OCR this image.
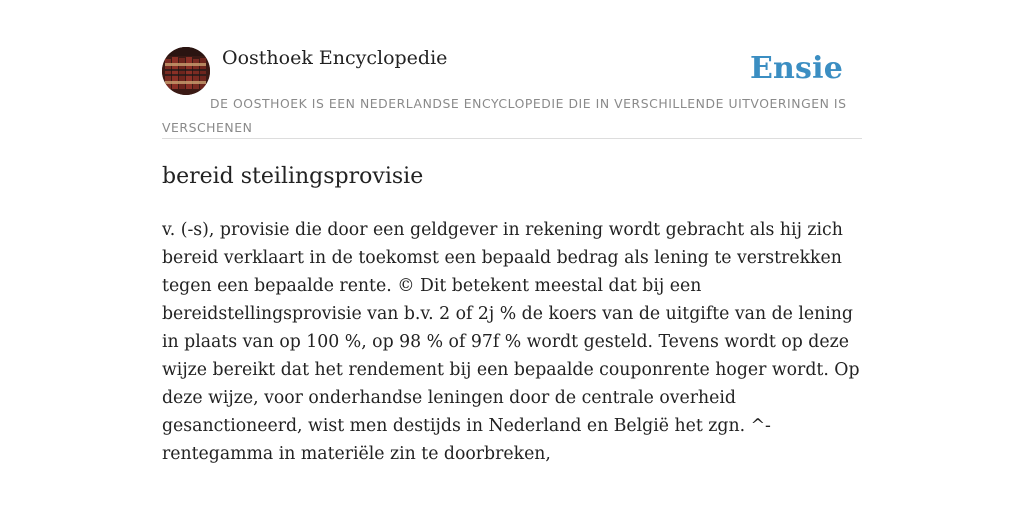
Oosthoek Encyclopedie	Ensie
DE OOSTHOEK IS EEN NEDERLANDSE ENCYCLOPEDIE DIE IN VERSCHILLENDE UITVOERINGEN IS VERSCHENEN
bereid steilingsprovisie

v. (-s), provisie die door een geldgever in rekening wordt gebracht als hij zich bereid verklaart in de toekomst een bepaald bedrag als lening te verstrekken tegen een bepaalde rente. © Dit betekent meestal dat bij een bereidstellingsprovisie van b.v. 2 of 2j % de koers van de uitgifte van de lening in plaats van op 100 %, op 98 % of 97f % wordt gesteld. Tevens wordt op deze wijze bereikt dat het rendement bij een bepaalde couponrente hoger wordt. Op deze wijze, voor onderhandse leningen door de centrale overheid gesanctioneerd, wist men destijds in Nederland en België het zgn. ^-rentegamma in materiële zin te doorbreken,
